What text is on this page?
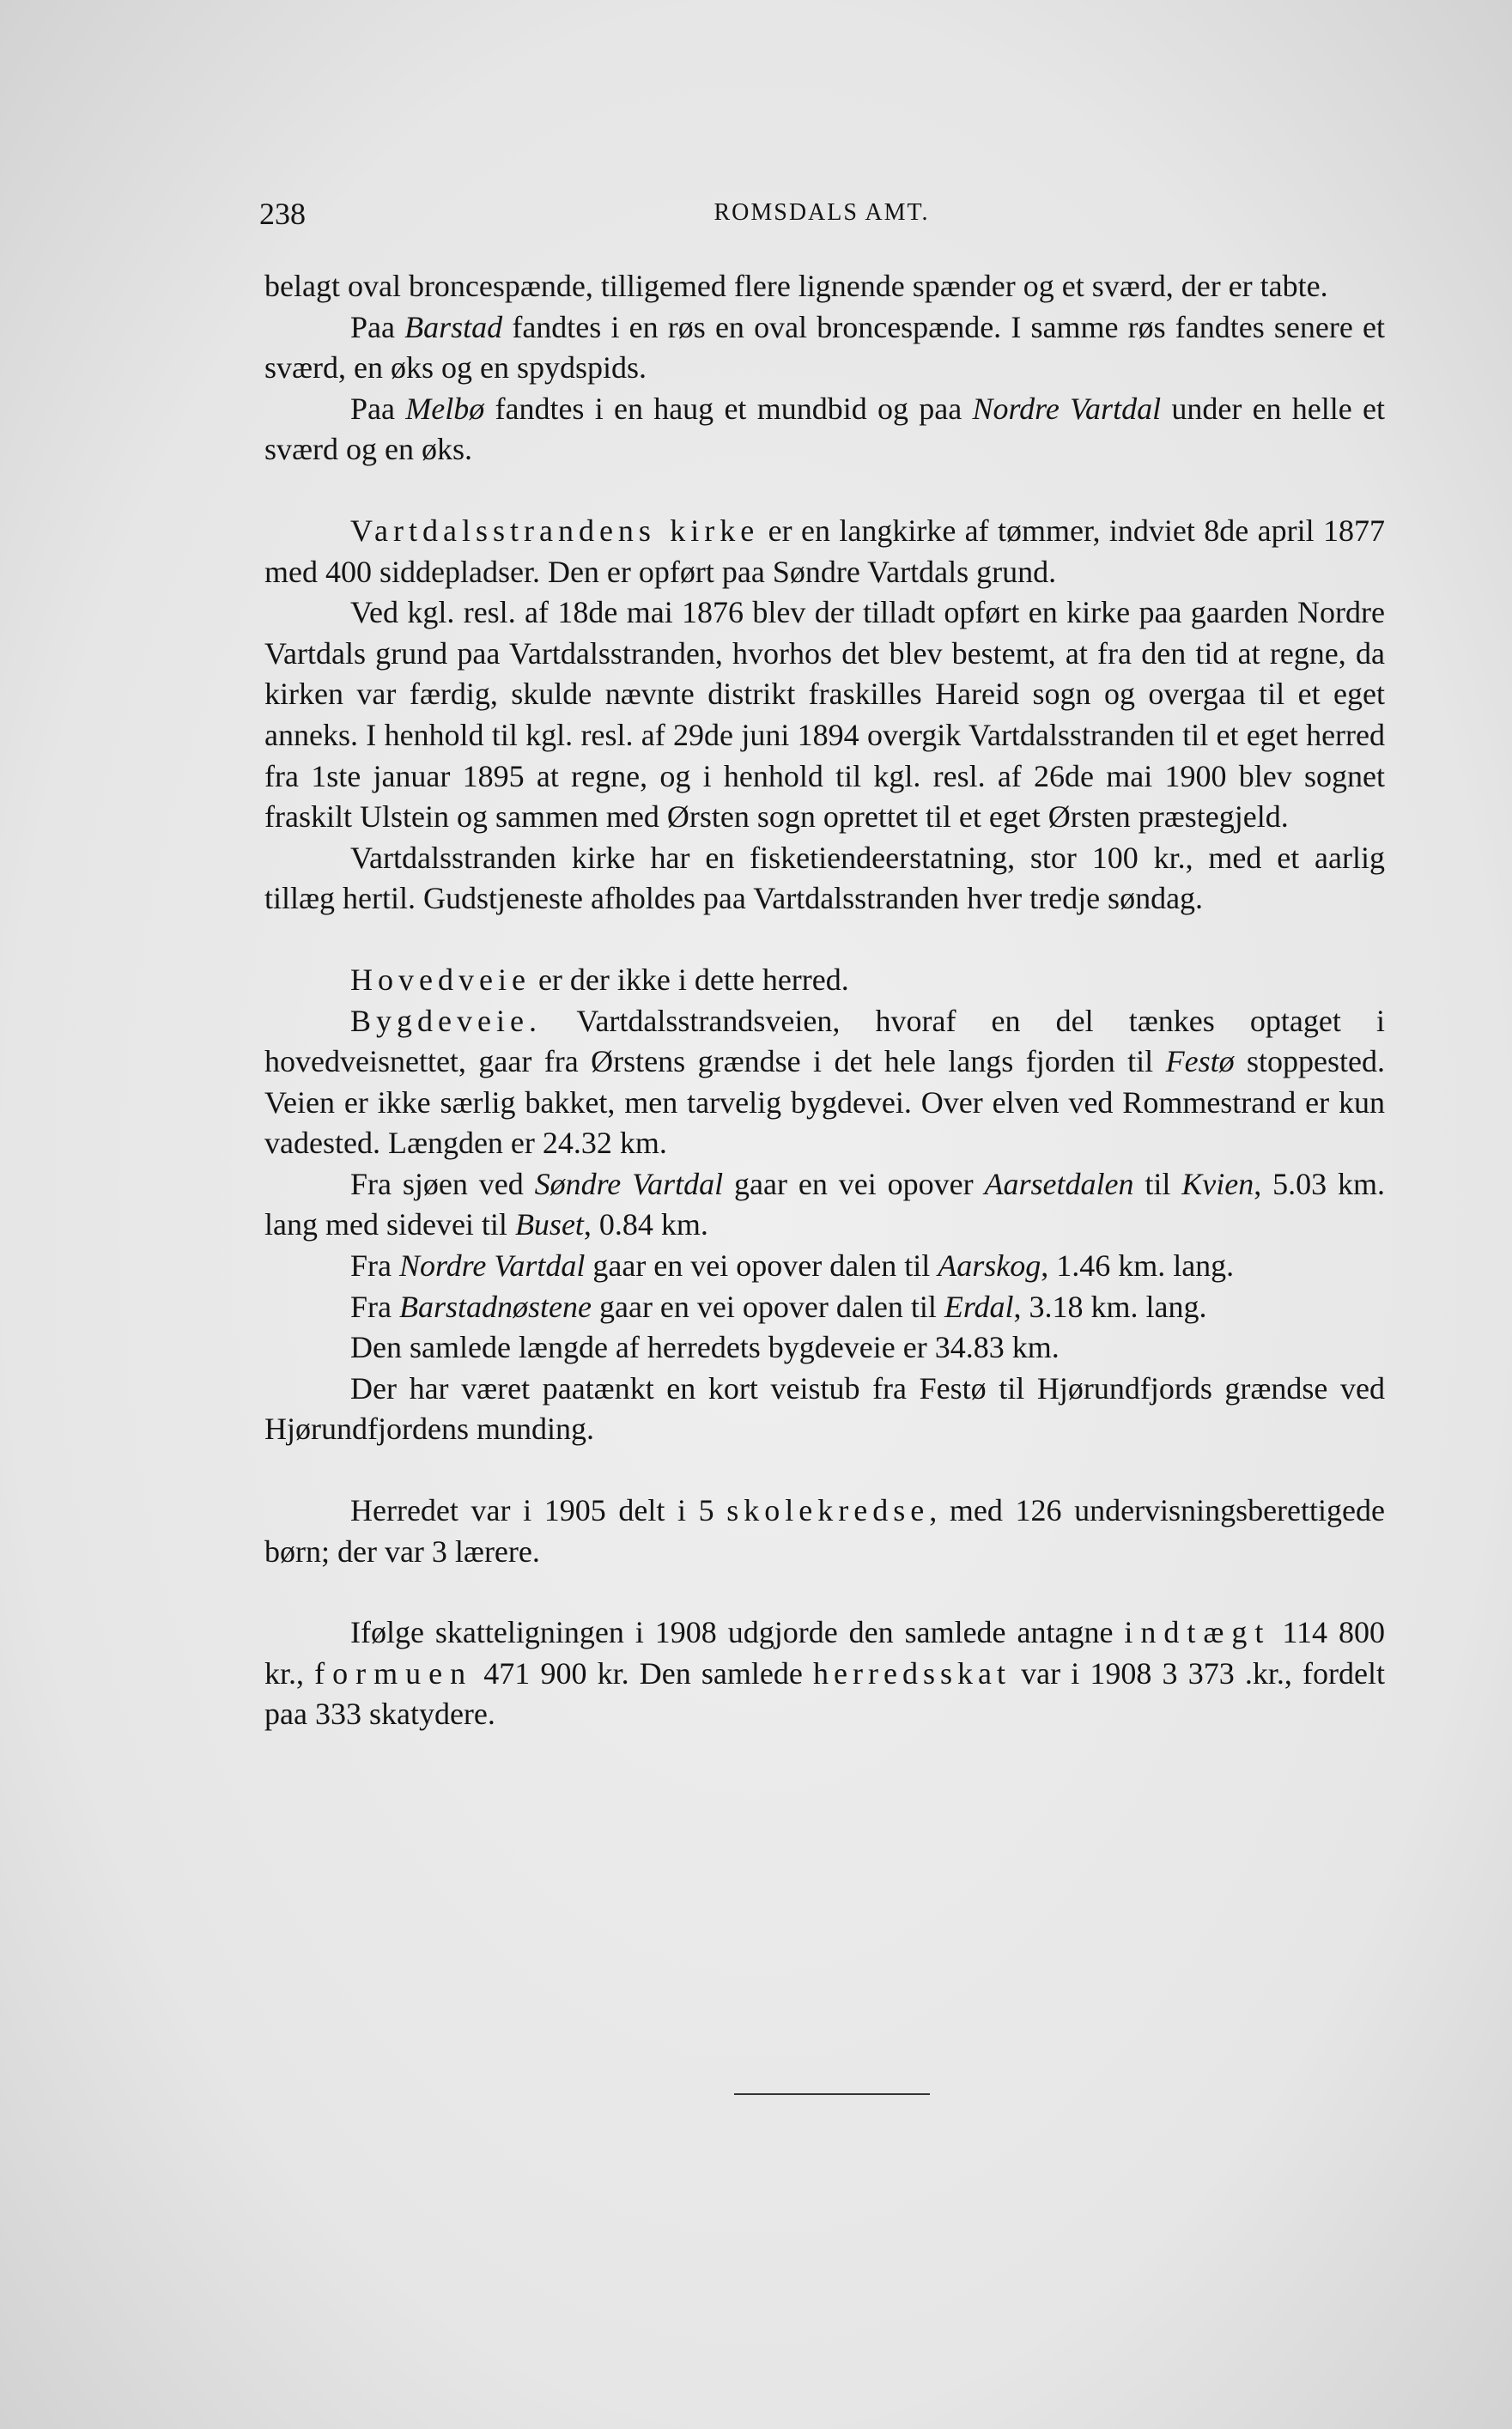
238	ROMSDALS AMT.

belagt oval broncespænde, tilligemed flere lignende spænder og et sværd, der er tabte.

Paa Barstad fandtes i en røs en oval broncespænde. I samme røs fandtes senere et sværd, en øks og en spydspids.

Paa Melbø fandtes i en haug et mundbid og paa Nordre Vartdal under en helle et sværd og en øks.

Vartdalsstrandens kirke er en langkirke af tømmer, indviet 8de april 1877 med 400 siddepladser. Den er opført paa Søndre Vartdals grund.

Ved kgl. resl. af 18de mai 1876 blev der tilladt opført en kirke paa gaarden Nordre Vartdals grund paa Vartdalsstranden, hvorhos det blev bestemt, at fra den tid at regne, da kirken var færdig, skulde nævnte distrikt fraskilles Hareid sogn og overgaa til et eget anneks. I henhold til kgl. resl. af 29de juni 1894 overgik Vartdalsstranden til et eget herred fra 1ste januar 1895 at regne, og i henhold til kgl. resl. af 26de mai 1900 blev sognet fraskilt Ulstein og sammen med Ørsten sogn oprettet til et eget Ørsten præstegjeld.

Vartdalsstranden kirke har en fisketiendeerstatning, stor 100 kr., med et aarlig tillæg hertil. Gudstjeneste afholdes paa Vartdalsstranden hver tredje søndag.

Hovedveie er der ikke i dette herred.

Bygdeveie. Vartdalsstrandsveien, hvoraf en del tænkes optaget i hovedveisnettet, gaar fra Ørstens grændse i det hele langs fjorden til Festø stoppested. Veien er ikke særlig bakket, men tarvelig bygdevei. Over elven ved Rommestrand er kun vadested. Længden er 24.32 km.

Fra sjøen ved Søndre Vartdal gaar en vei opover Aarsetdalen til Kvien, 5.03 km. lang med sidevei til Buset, 0.84 km.

Fra Nordre Vartdal gaar en vei opover dalen til Aarskog, 1.46 km. lang.

Fra Barstadnøstene gaar en vei opover dalen til Erdal, 3.18 km. lang.

Den samlede længde af herredets bygdeveie er 34.83 km.

Der har været paatænkt en kort veistub fra Festø til Hjørundfjords grændse ved Hjørundfjordens munding.

Herredet var i 1905 delt i 5 skolekredse, med 126 undervisningsberettigede børn; der var 3 lærere.

Ifølge skatteligningen i 1908 udgjorde den samlede antagne indtægt 114 800 kr., formuen 471 900 kr. Den samlede herredsskat var i 1908 3 373 .kr., fordelt paa 333 skatydere.
